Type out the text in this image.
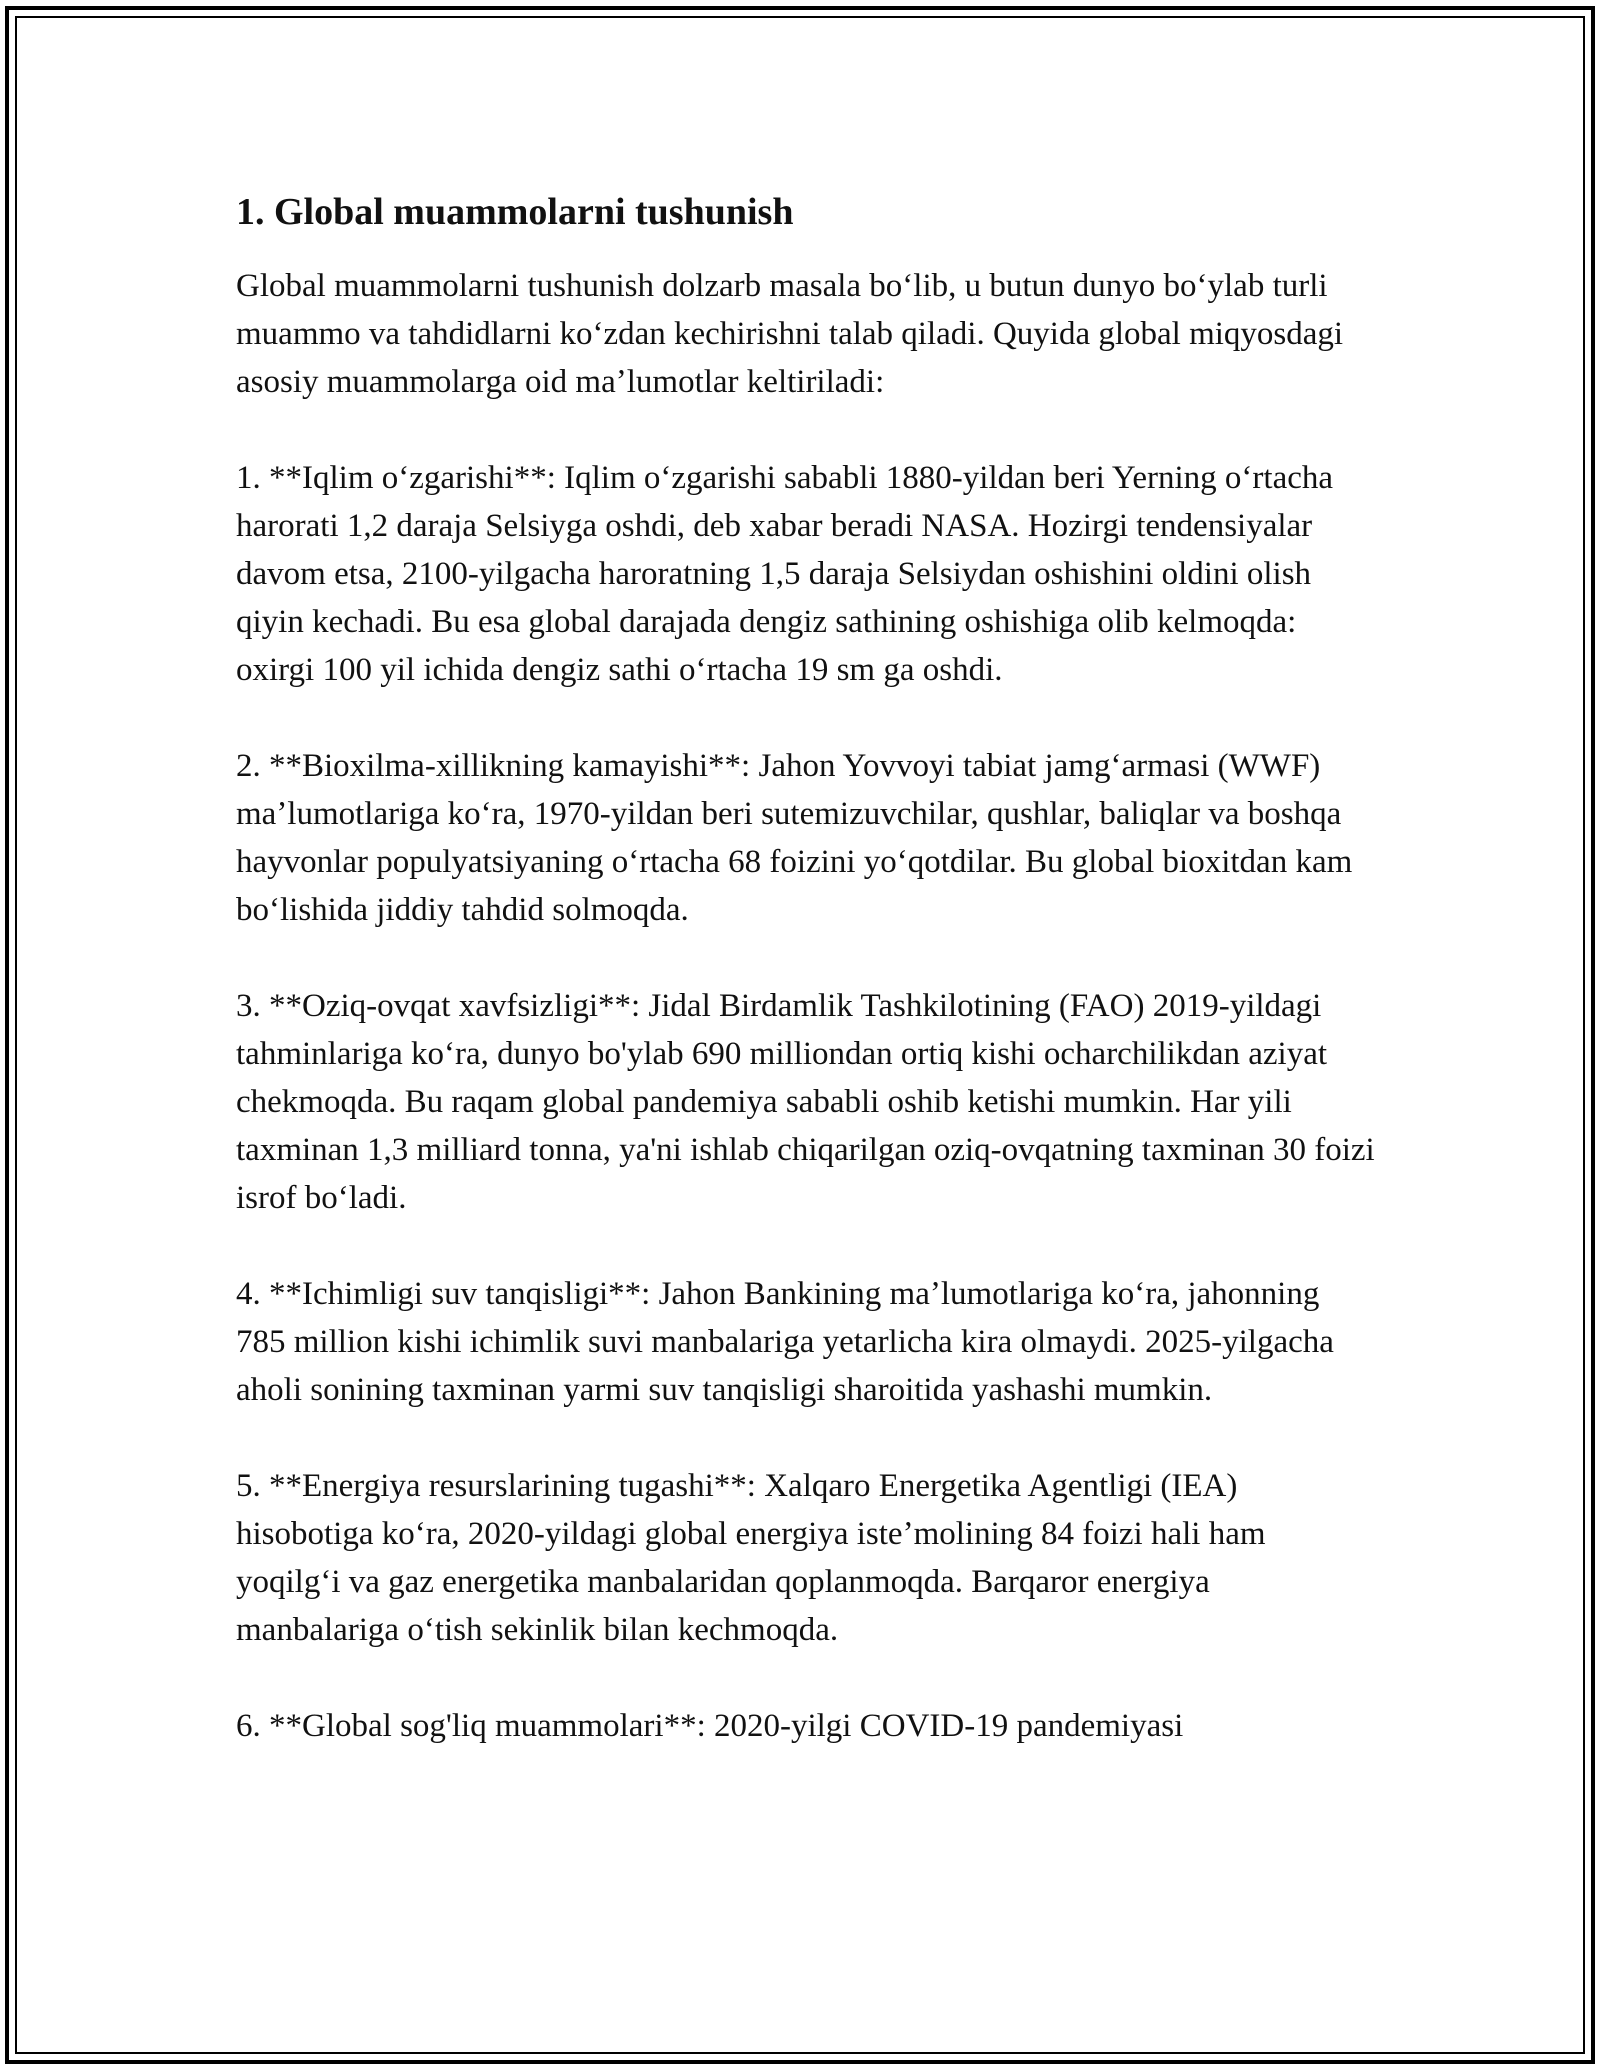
1. Global muammolarni tushunish

Global muammolarni tushunish dolzarb masala boʻlib, u butun dunyo boʻylab turli muammo va tahdidlarni koʻzdan kechirishni talab qiladi. Quyida global miqyosdagi asosiy muammolarga oid maʼlumotlar keltiriladi:

1. **Iqlim oʻzgarishi**: Iqlim oʻzgarishi sababli 1880-yildan beri Yerning oʻrtacha harorati 1,2 daraja Selsiyga oshdi, deb xabar beradi NASA. Hozirgi tendensiyalar davom etsa, 2100-yilgacha haroratning 1,5 daraja Selsiydan oshishini oldini olish qiyin kechadi. Bu esa global darajada dengiz sathining oshishiga olib kelmoqda: oxirgi 100 yil ichida dengiz sathi oʻrtacha 19 sm ga oshdi.

2. **Bioxilma-xillikning kamayishi**: Jahon Yovvoyi tabiat jamgʻarmasi (WWF) maʼlumotlariga koʻra, 1970-yildan beri sutemizuvchilar, qushlar, baliqlar va boshqa hayvonlar populyatsiyaning oʻrtacha 68 foizini yoʻqotdilar. Bu global bioxitdan kam boʻlishida jiddiy tahdid solmoqda.

3. **Oziq-ovqat xavfsizligi**: Jidal Birdamlik Tashkilotining (FAO) 2019-yildagi tahminlariga koʻra, dunyo bo'ylab 690 milliondan ortiq kishi ocharchilikdan aziyat chekmoqda. Bu raqam global pandemiya sababli oshib ketishi mumkin. Har yili taxminan 1,3 milliard tonna, ya'ni ishlab chiqarilgan oziq-ovqatning taxminan 30 foizi isrof boʻladi.

4. **Ichimligi suv tanqisligi**: Jahon Bankining maʼlumotlariga koʻra, jahonning 785 million kishi ichimlik suvi manbalariga yetarlicha kira olmaydi. 2025-yilgacha aholi sonining taxminan yarmi suv tanqisligi sharoitida yashashi mumkin.

5. **Energiya resurslarining tugashi**: Xalqaro Energetika Agentligi (IEA) hisobotiga koʻra, 2020-yildagi global energiya isteʼmolining 84 foizi hali ham yoqilgʻi va gaz energetika manbalaridan qoplanmoqda. Barqaror energiya manbalariga oʻtish sekinlik bilan kechmoqda.

6. **Global sog'liq muammolari**: 2020-yilgi COVID-19 pandemiyasi
